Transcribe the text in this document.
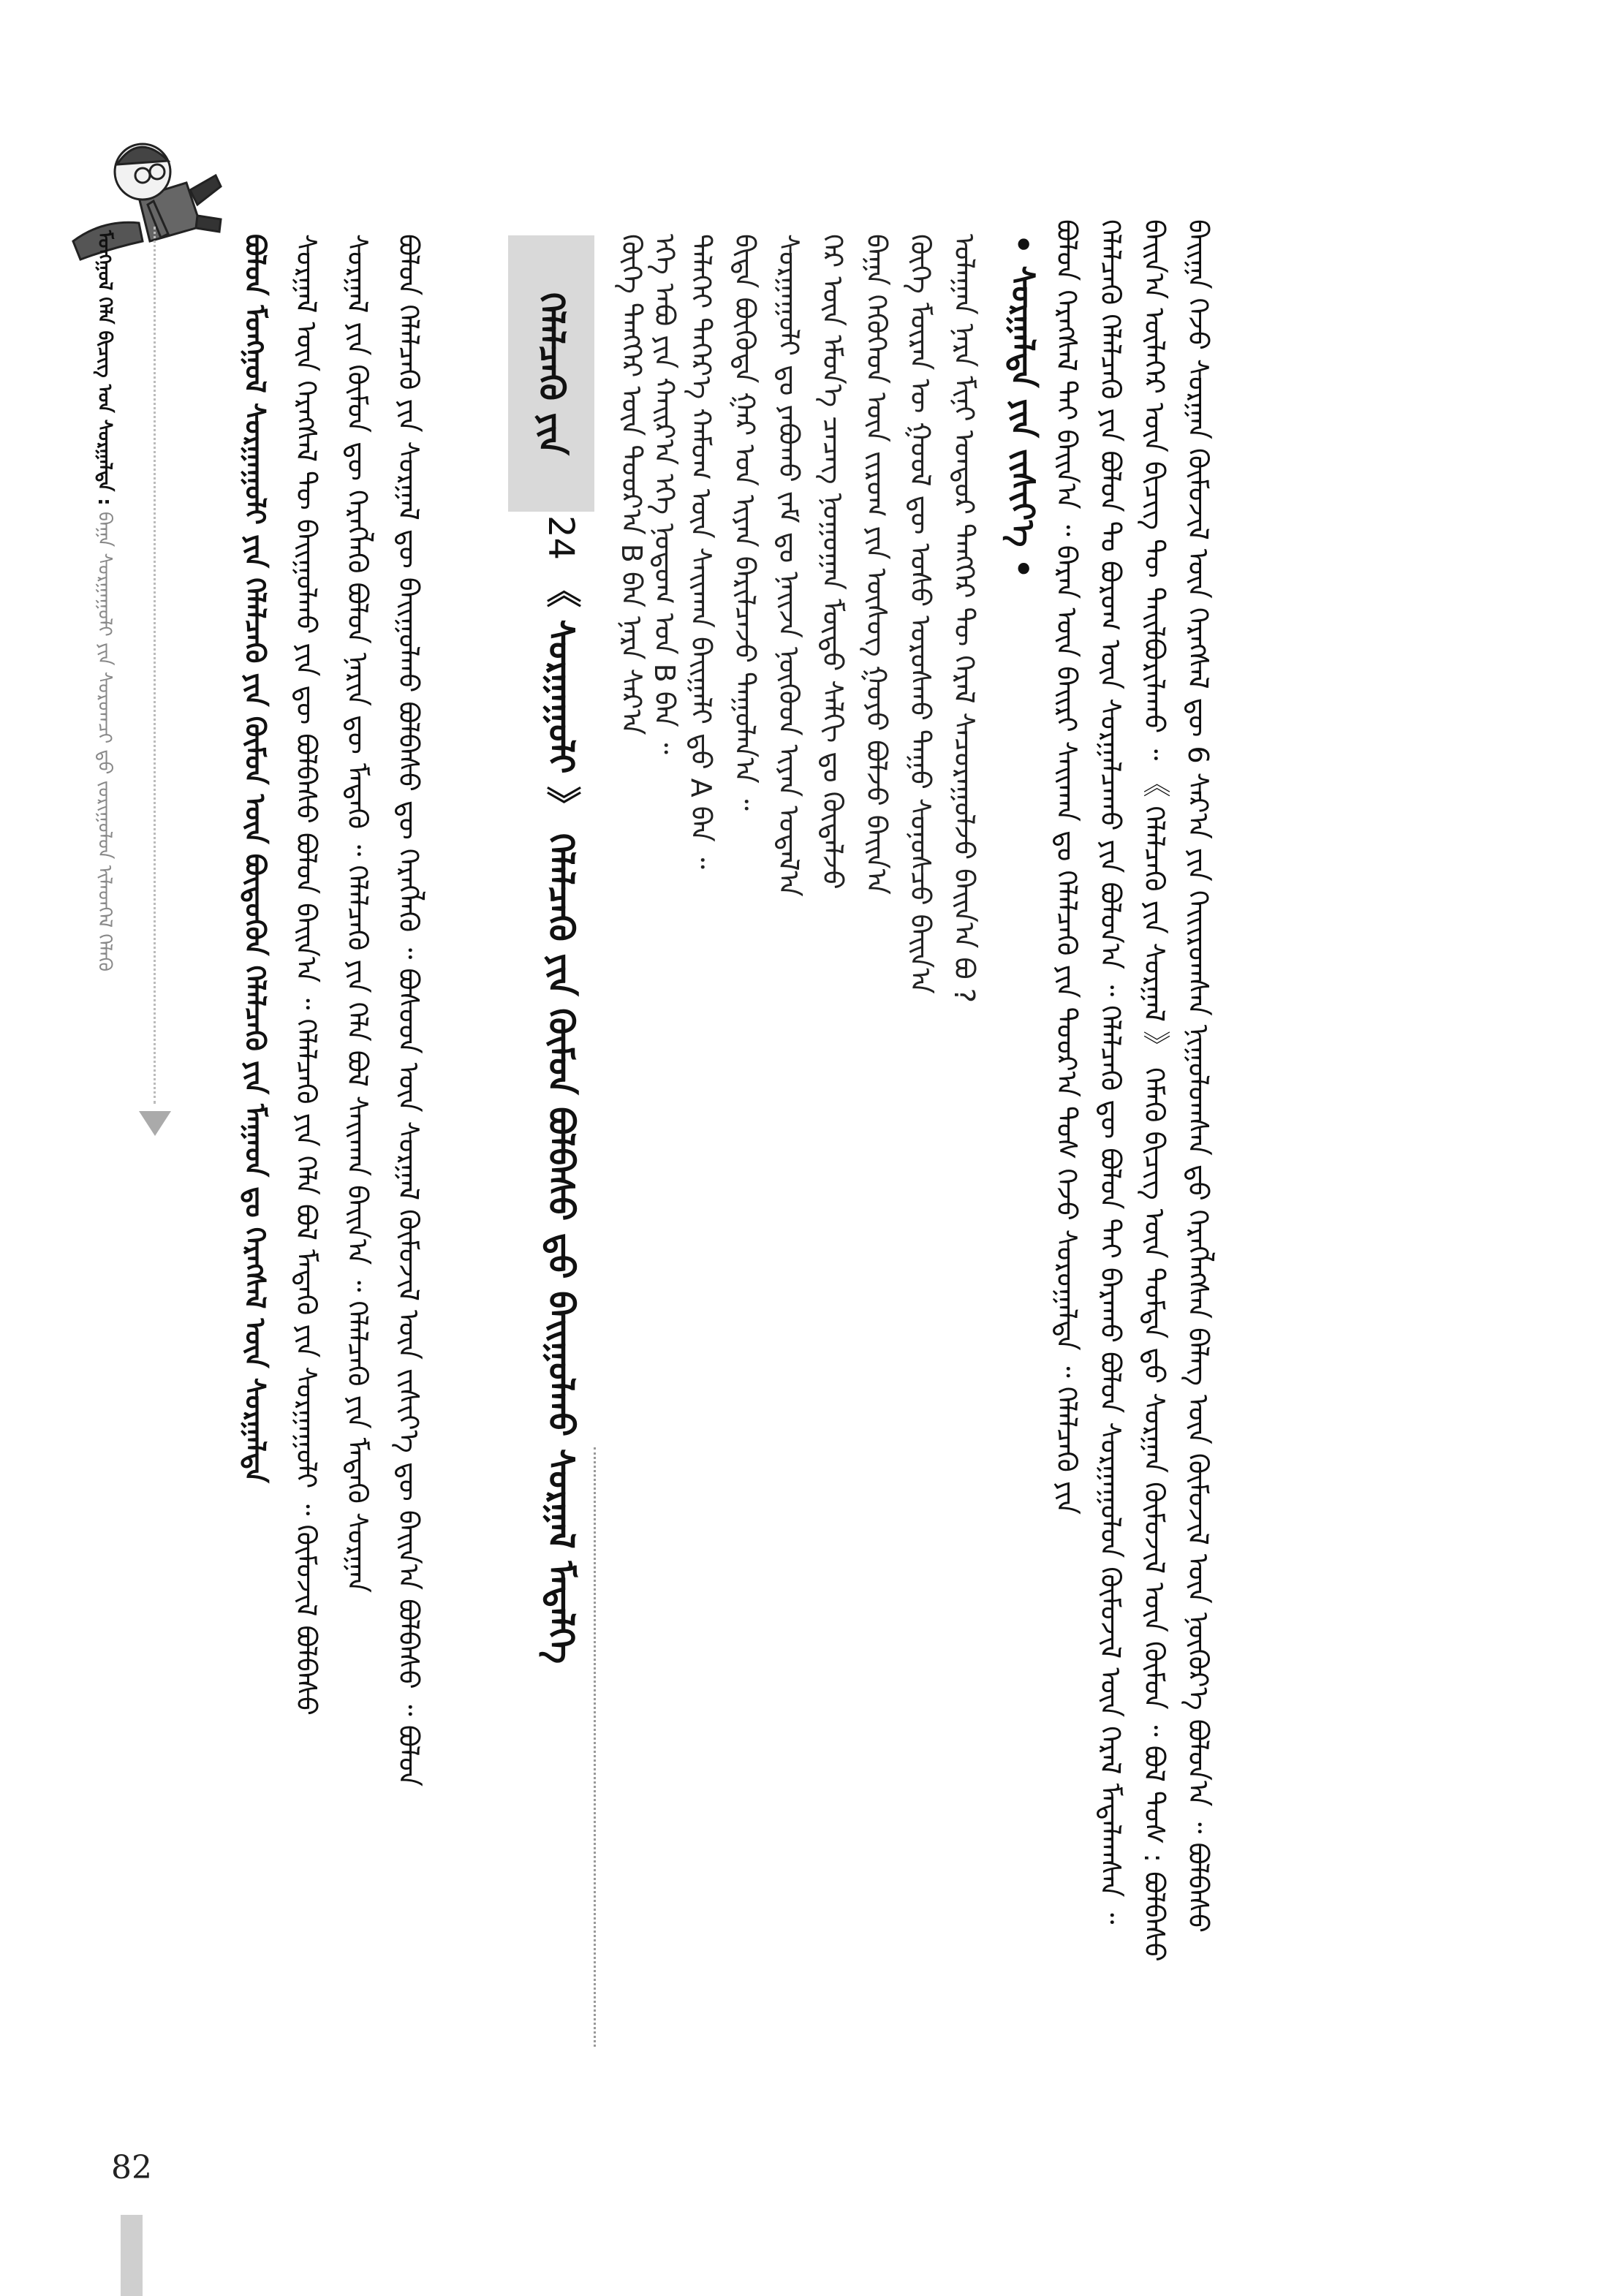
ᠮᠣᠩᠭᠣᠯ ᠬᠡᠯᠡ ᠪᠢᠴᠢᠭ ᠤᠨ ᠰᠤᠷᠭᠠᠯᠲᠠ : ᠪᠠᠭᠠ ᠰᠤᠷᠭᠠᠭᠤᠯᠢ ᠶᠢᠨ ᠰᠤᠷᠤᠭᠴᠢ ᠳ᠋ᠤ ᠵᠣᠷᠢᠭᠤᠯᠤᠨ ᠢᠯᠡᠳᠬᠡᠯ ᠬᠡᠯᠡᠬᠦ	ᠪᠠᠢᠭᠠ ᠭᠡᠵᠦ ᠰᠤᠷᠭᠠᠨ ᠬᠥᠮᠦᠵᠢᠯ ᠦᠨ ᠬᠡᠷᠡᠭᠰᠡᠯ ᠳᠦ 6 ᠰᠠᠷ᠎ᠠ ᠶᠢᠨ ᠬᠡᠢᠢᠷᠤᠭᠰᠠᠨ ᠨᠢᠭᠤᠯᠤᠭᠰᠠᠨ ᠳ᠋ᠤ ᠬᠡᠷᠡᠭᠯᠡᠭᠰᠡᠨ ᠪᠡᠯᠡᠭ ᠦᠨ ᠬᠥᠮᠦᠵᠢᠯ ᠦᠨ ᠨᠥᠬᠥᠷ᠎ᠡ ᠪᠣᠯᠤᠨ᠎ᠠ ᠃ ᠪᠣᠯᠪᠠᠰᠤ
ᠪᠠᠢᠨ᠎ᠠ ᠦᠯᠡᠭᠡᠷ ᠦᠨ ᠪᠢᠴᠢᠭ ᠲᠦ ᠲᠠᠢᠯᠪᠤᠷᠢᠯᠠᠬᠤ ᠃ 《 ᠬᠡᠯᠡᠯᠴᠡᠬᠦ ᠶᠢᠨ ᠰᠤᠷᠭᠠᠯ 》 ᠬᠡᠮᠡᠬᠦ ᠪᠢᠴᠢᠭ ᠦᠨ ᠳᠤᠮᠳᠠ ᠳ᠋ᠤ ᠰᠤᠷᠭᠠᠨ ᠬᠥᠮᠦᠵᠢᠯ ᠦᠨ ᠬᠦᠮᠦᠨ ᠃ ᠪᠤᠯ ᠲᠣᠰ : ᠪᠣᠯᠪᠠᠰᠤ
ᠬᠡᠯᠡᠯᠴᠡᠬᠦ ᠬᠡᠯᠡᠯᠴᠡᠬᠦ ᠶᠢᠨ ᠪᠣᠯᠤᠨ ᠲᠤ ᠪᠤᠷᠤᠭ ᠦᠨ ᠰᠤᠷᠭᠠᠯᠴᠠᠬᠤ ᠶᠢᠨ ᠪᠣᠯᠤᠨ᠎ᠠ ᠃ ᠬᠡᠯᠡᠯᠴᠡᠬᠦ ᠳᠦ ᠪᠣᠯᠤᠨ ᠲᠠᠢ ᠪᠠᠷᠠᠬᠤ ᠪᠣᠯᠤᠨ ᠰᠤᠷᠭᠠᠭᠤᠯᠤᠨ ᠬᠦᠮᠦᠵᠢᠯ ᠦᠨ ᠭᠡᠷᠡᠯ ᠮᠠᠲᠠᠯᠠᠭᠰᠠᠨ ᠃
ᠪᠤᠯᠤᠨ ᠬᠡᠷᠡᠭᠰᠡᠯ ᠲᠠᠢ ᠪᠠᠢᠨ᠎ᠠ ᠃ ᠪᠠᠷᠠᠨ ᠦᠨ ᠪᠠᠢᠷᠢ ᠰᠠᠢᠬᠠᠨ ᠳᠤ ᠬᠡᠯᠡᠯᠴᠡᠬᠦ ᠶᠢᠨ ᠳᠣᠣᠷ᠎ᠠ ᠲᠣᠰ ᠭᠡᠵᠦ ᠰᠤᠷᠤᠭᠠᠯᠲᠠ ᠃ ᠬᠡᠯᠡᠯᠴᠡᠬᠦ ᠶᠢᠨ
• ᠰᠤᠷᠭᠠᠯᠲᠠ ᠶᠢᠨ ᠵᠢᠱᠢᠶ᠎ᠡ •
ᠤᠯᠠᠭᠠᠨ ᠨᠠᠷᠠ ᠮᠢᠨᠢ ᠤᠨᠳᠤᠷ ᠲᠡᠩᠭᠡᠷ ᠲᠦ ᠭᠡᠷᠡᠯ ᠰᠠᠴᠤᠷᠠᠭᠤᠯᠵᠤ ᠪᠠᠢᠨ᠎ᠠ ᠪᠣ ?
ᠬᠥᠬᠡ ᠮᠥᠷᠡᠨ ᠦ ᠭᠣᠣᠯ ᠳᠦ ᠤᠰᠤ ᠤᠷᠤᠰᠬᠤ ᠳᠠᠭᠤ ᠰᠣᠨᠣᠰᠴᠤ ᠪᠠᠢᠨ᠎ᠠ
ᠪᠠᠭᠠ ᠬᠡᠭᠦᠬᠡᠳ ᠦᠨ ᠵᠢᠷᠤᠭ ᠶᠢᠨ ᠦᠰᠦᠭ ᠭᠣᠶᠣ ᠪᠣᠯᠵᠤ ᠪᠠᠢᠨ᠎ᠠ
ᠭᠡᠷ ᠦᠨ ᠡᠮᠦᠨ᠎ᠡ ᠴᠡᠴᠡᠭ ᠨᠣᠭᠣᠭᠠᠨ ᠮᠥᠳᠣ ᠰᠠᠯᠬᠢ ᠳᠤ ᠬᠥᠳᠡᠯᠵᠦ
ᠰᠤᠷᠭᠠᠭᠤᠯᠢ ᠳᠤ ᠶᠠᠪᠤᠬᠤ ᠵᠠᠮ ᠳᠤ ᠨᠠᠢᠵᠠ ᠨᠥᠬᠥᠳ ᠢᠶᠡᠨ ᠤᠳᠠᠯ᠎ᠠ
ᠪᠢᠳᠡ ᠪᠦᠬᠦᠳᠡ ᠭᠠᠷ ᠤᠨ ᠢᠶᠠᠨ ᠪᠠᠷᠢᠯᠴᠠᠵᠤ ᠳᠠᠭᠤᠯᠠᠨ᠎ᠠ ᠃
ᠳᠡᠯᠡᠬᠡᠢ ᠳᠡᠭᠡᠷ᠎ᠡ ᠬᠠᠮᠤᠭ ᠦᠨ ᠰᠠᠢᠬᠠᠨ ᠪᠠᠢᠭᠠᠯᠢ ᠳ᠋ᠤ A ᠪᠠᠨ ᠃
ᠡᠬᠡ ᠠᠪᠤ ᠶᠢᠨ ᠬᠠᠢᠷ᠎ᠠ ᠡᠬᠡ ᠨᠤᠲᠤᠭ ᠤᠨ B ᠪᠠᠨ ᠃
ᠬᠥᠬᠡ ᠲᠡᠩᠭᠡᠷ ᠦᠨ ᠳᠣᠣᠷ᠎ᠠ B ᠪᠠᠨ ᠨᠠᠷᠠ ᠰᠠᠷ᠎ᠠ
ᠬᠡᠯᠡᠯᠴᠡᠬᠦ ᠶᠢᠨ
24 《 ᠰᠤᠷᠭᠠᠭᠤᠯᠢ 》 ᠬᠡᠯᠡᠯᠴᠡᠬᠦ ᠶᠢᠨ ᠬᠦᠮᠦᠨ ᠪᠣᠯᠪᠠᠰᠤ ᠳ᠋ᠤ ᠪᠠᠢᠭᠤᠯᠬᠤ ᠰᠤᠷᠭᠠᠯ ᠮᠡᠳᠡᠯᠭᠡ
ᠪᠣᠯᠤᠨ ᠬᠡᠯᠡᠯᠴᠡᠬᠦ ᠶᠢᠨ ᠰᠤᠷᠭᠠᠯ ᠳᠦ ᠪᠠᠢᠭᠤᠯᠬᠤ ᠪᠣᠯᠪᠠᠰᠤ ᠳᠦ ᠬᠡᠷᠡᠭᠯᠡᠬᠦ ᠃ ᠪᠤᠰᠤᠳ ᠦᠨ ᠰᠤᠷᠭᠠᠯ ᠬᠦᠮᠦᠵᠢᠯ ᠦᠨ ᠵᠢᠱᠢᠶ᠎ᠡ ᠳᠦ ᠪᠠᠢᠨ᠎ᠠ ᠪᠣᠯᠪᠠᠰᠤ ᠃ ᠪᠣᠯᠤᠨ
ᠰᠤᠷᠭᠠᠯ ᠶᠢᠨ ᠬᠦᠮᠦᠨ ᠳᠦ ᠬᠡᠷᠡᠭᠯᠡᠬᠦ ᠪᠤᠯᠤᠨ ᠨᠠᠷᠢᠨ ᠳᠦ ᠮᠡᠳᠡᠬᠦ ᠃ ᠬᠡᠯᠡᠯᠴᠡᠬᠦ ᠶᠢᠨ ᠬᠡᠯᠡ ᠪᠣᠯ ᠰᠠᠢᠬᠠᠨ ᠪᠠᠢᠨ᠎ᠠ ᠃ ᠬᠡᠯᠡᠯᠴᠡᠬᠦ ᠶᠢᠨ ᠮᠡᠳᠡᠬᠦ ᠰᠤᠷᠭᠠᠨ
ᠰᠤᠷᠭᠠᠯ ᠦᠨ ᠬᠡᠷᠡᠭᠰᠡᠯ ᠲᠦ ᠪᠠᠢᠭᠤᠯᠬᠤ ᠶᠢᠨ ᠳᠦ ᠪᠣᠯᠪᠠᠰᠤ ᠪᠣᠯᠤᠨ ᠪᠠᠢᠨ᠎ᠠ ᠃ ᠬᠡᠯᠡᠯᠴᠡᠬᠦ ᠶᠢᠨ ᠬᠡᠯᠡ ᠪᠣᠯ ᠮᠡᠳᠡᠬᠦ ᠶᠢᠨ ᠰᠤᠷᠭᠠᠭᠤᠯᠢ ᠃ ᠬᠦᠮᠦᠵᠢᠯ ᠪᠣᠯᠪᠠᠰᠤ
ᠪᠣᠯᠤᠨ ᠮᠣᠩᠭᠣᠯ ᠰᠤᠷᠭᠠᠭᠤᠯᠢ ᠶᠢᠨ ᠬᠡᠯᠡᠯᠴᠡᠬᠦ ᠶᠢᠨ ᠬᠦᠮᠦᠨ ᠦᠨ ᠪᠦᠳᠦᠭᠦᠨ ᠬᠡᠯᠡᠯᠴᠡᠬᠦ ᠶᠢᠨ ᠮᠠᠭᠠᠳ ᠳᠤ ᠬᠡᠷᠡᠭᠰᠡᠯ ᠦᠨ ᠰᠤᠷᠭᠠᠯᠲᠠ
82
